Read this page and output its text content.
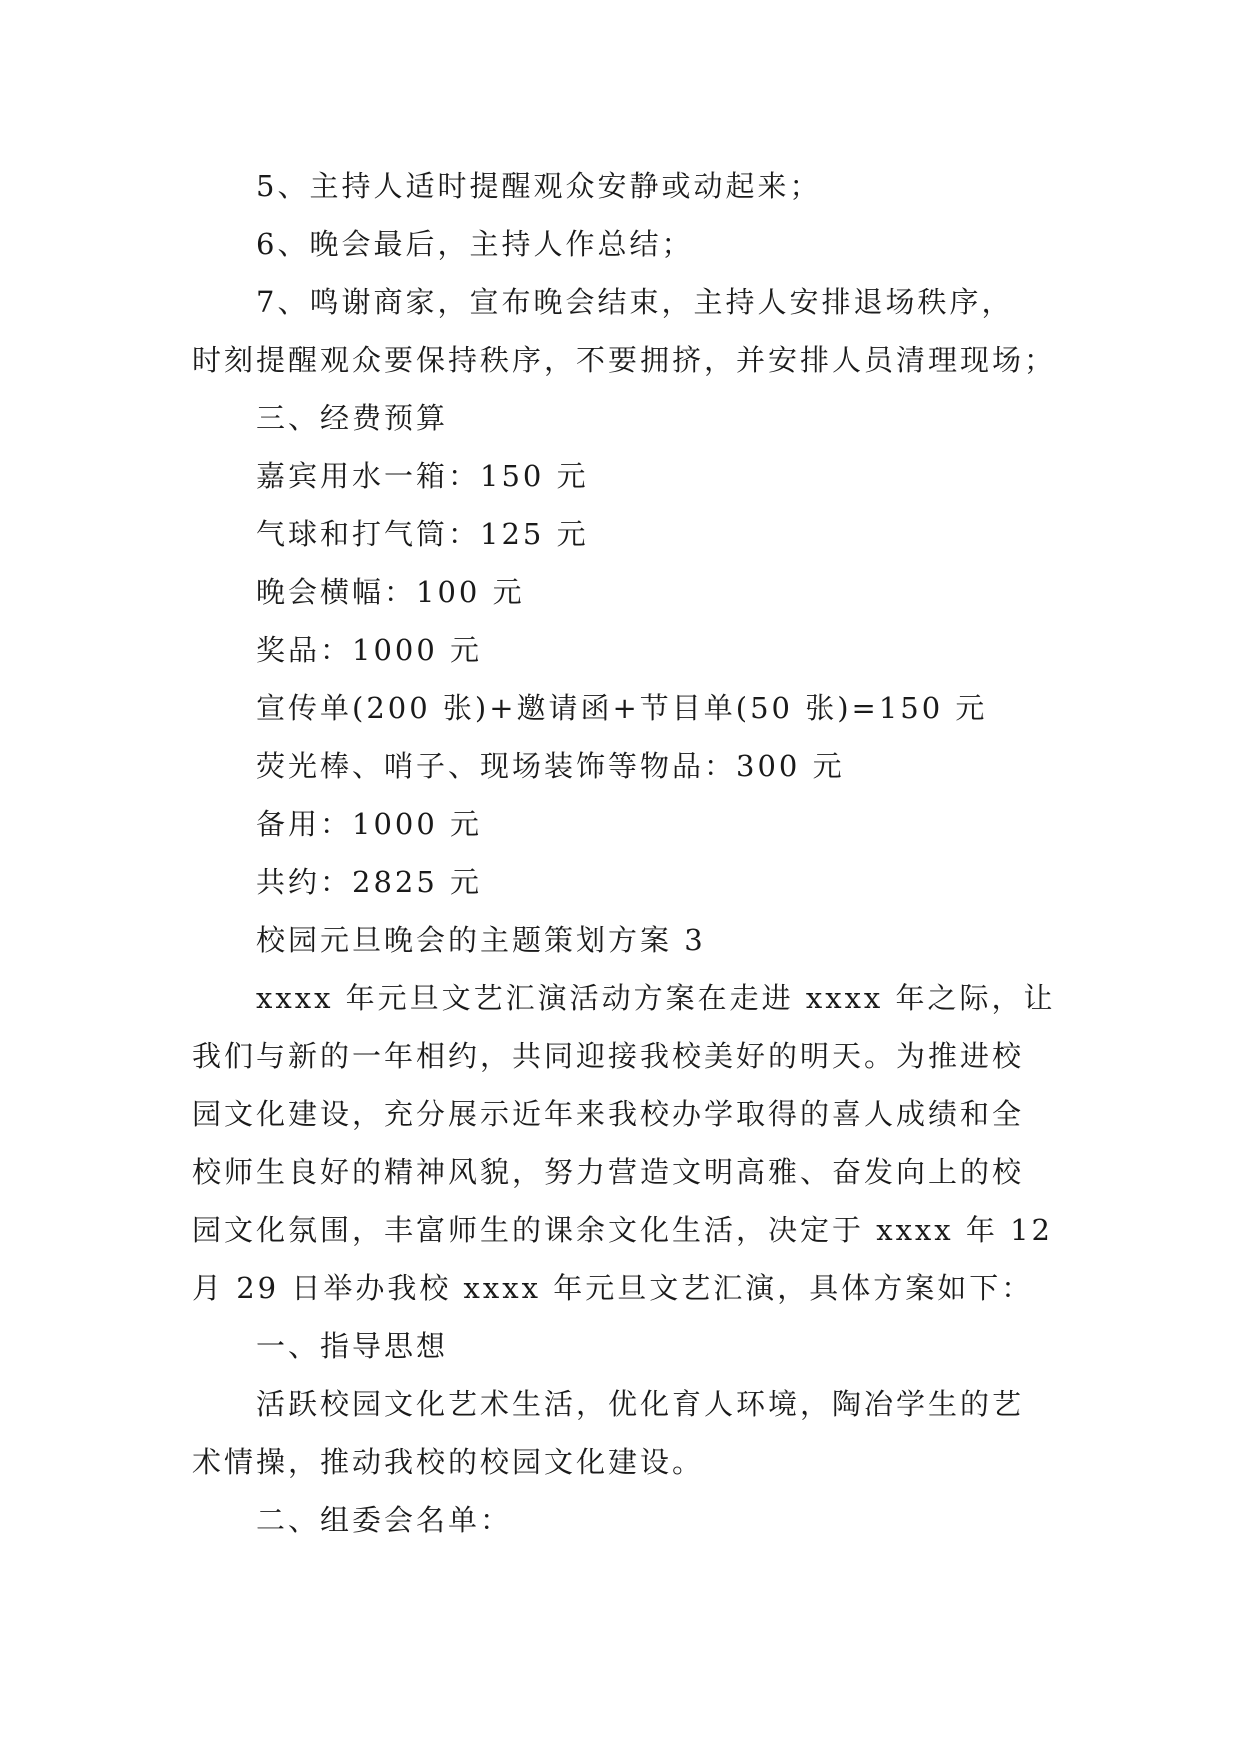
5、主持人适时提醒观众安静或动起来；
6、晚会最后，主持人作总结；
7、鸣谢商家，宣布晚会结束，主持人安排退场秩序，
时刻提醒观众要保持秩序，不要拥挤，并安排人员清理现场；
三、经费预算
嘉宾用水一箱：150 元
气球和打气筒：125 元
晚会横幅：100 元
奖品：1000 元
宣传单(200 张)+邀请函+节目单(50 张)=150 元
荧光棒、哨子、现场装饰等物品：300 元
备用：1000 元
共约：2825 元
校园元旦晚会的主题策划方案 3
xxxx 年元旦文艺汇演活动方案在走进 xxxx 年之际，让
我们与新的一年相约，共同迎接我校美好的明天。为推进校
园文化建设，充分展示近年来我校办学取得的喜人成绩和全
校师生良好的精神风貌，努力营造文明高雅、奋发向上的校
园文化氛围，丰富师生的课余文化生活，决定于 xxxx 年 12
月 29 日举办我校 xxxx 年元旦文艺汇演，具体方案如下：
一、指导思想
活跃校园文化艺术生活，优化育人环境，陶冶学生的艺
术情操，推动我校的校园文化建设。
二、组委会名单：
